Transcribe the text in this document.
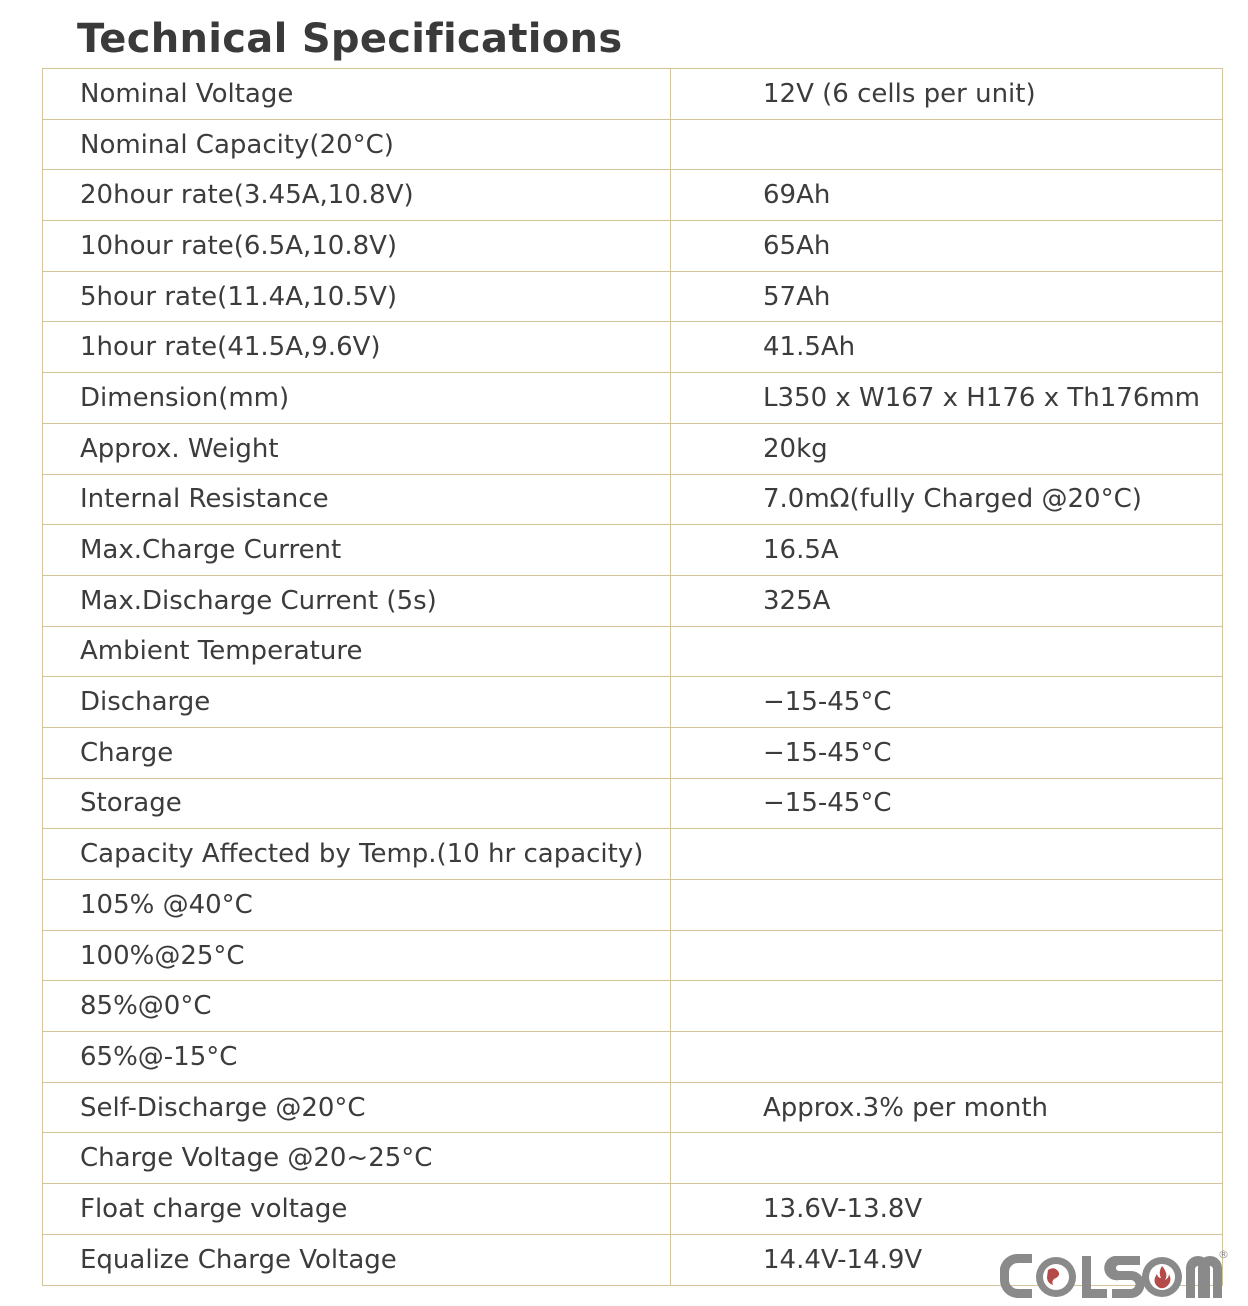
Technical Specifications
Nominal Voltage	12V (6 cells per unit)
Nominal Capacity(20°C)	
20hour rate(3.45A,10.8V)	69Ah
10hour rate(6.5A,10.8V)	65Ah
5hour rate(11.4A,10.5V)	57Ah
1hour rate(41.5A,9.6V)	41.5Ah
Dimension(mm)	L350 x W167 x H176 x Th176mm
Approx. Weight	20kg
Internal Resistance	7.0mΩ(fully Charged @20°C)
Max.Charge Current	16.5A
Max.Discharge Current (5s)	325A
Ambient Temperature	
Discharge	−15-45°C
Charge	−15-45°C
Storage	−15-45°C
Capacity Affected by Temp.(10 hr capacity)	
105% @40°C	
100%@25°C	
85%@0°C	
65%@-15°C	
Self-Discharge @20°C	Approx.3% per month
Charge Voltage @20~25°C	
Float charge voltage	13.6V-13.8V
Equalize Charge Voltage	14.4V-14.9V	®
